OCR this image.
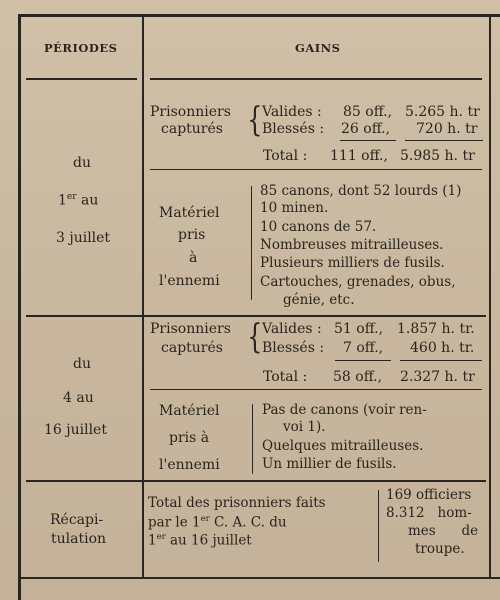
PÉRIODES	GAINS
du
1er au
3 juillet
Prisonniers
capturés { Valides : 85 off., 5.265 h. tr
Blessés : 26 off., 720 h. tr
Total : 111 off., 5.985 h. tr
Matériel
pris
à
l'ennemi
85 canons, dont 52 lourds (1)
10 minen.
10 canons de 57.
Nombreuses mitrailleuses.
Plusieurs milliers de fusils.
Cartouches, grenades, obus,
génie, etc.
du
4 au
16 juillet
Prisonniers
capturés { Valides : 51 off., 1.857 h. tr.
Blessés : 7 off., 460 h. tr.
Total : 58 off., 2.327 h. tr
Matériel
pris à
l'ennemi
Pas de canons (voir ren-
voi 1).
Quelques mitrailleuses.
Un millier de fusils.
Récapi-
tulation
Total des prisonniers faits
par le 1er C. A. C. du
1er au 16 juillet
169 officiers
8.312   hom-
mes      de
troupe.
